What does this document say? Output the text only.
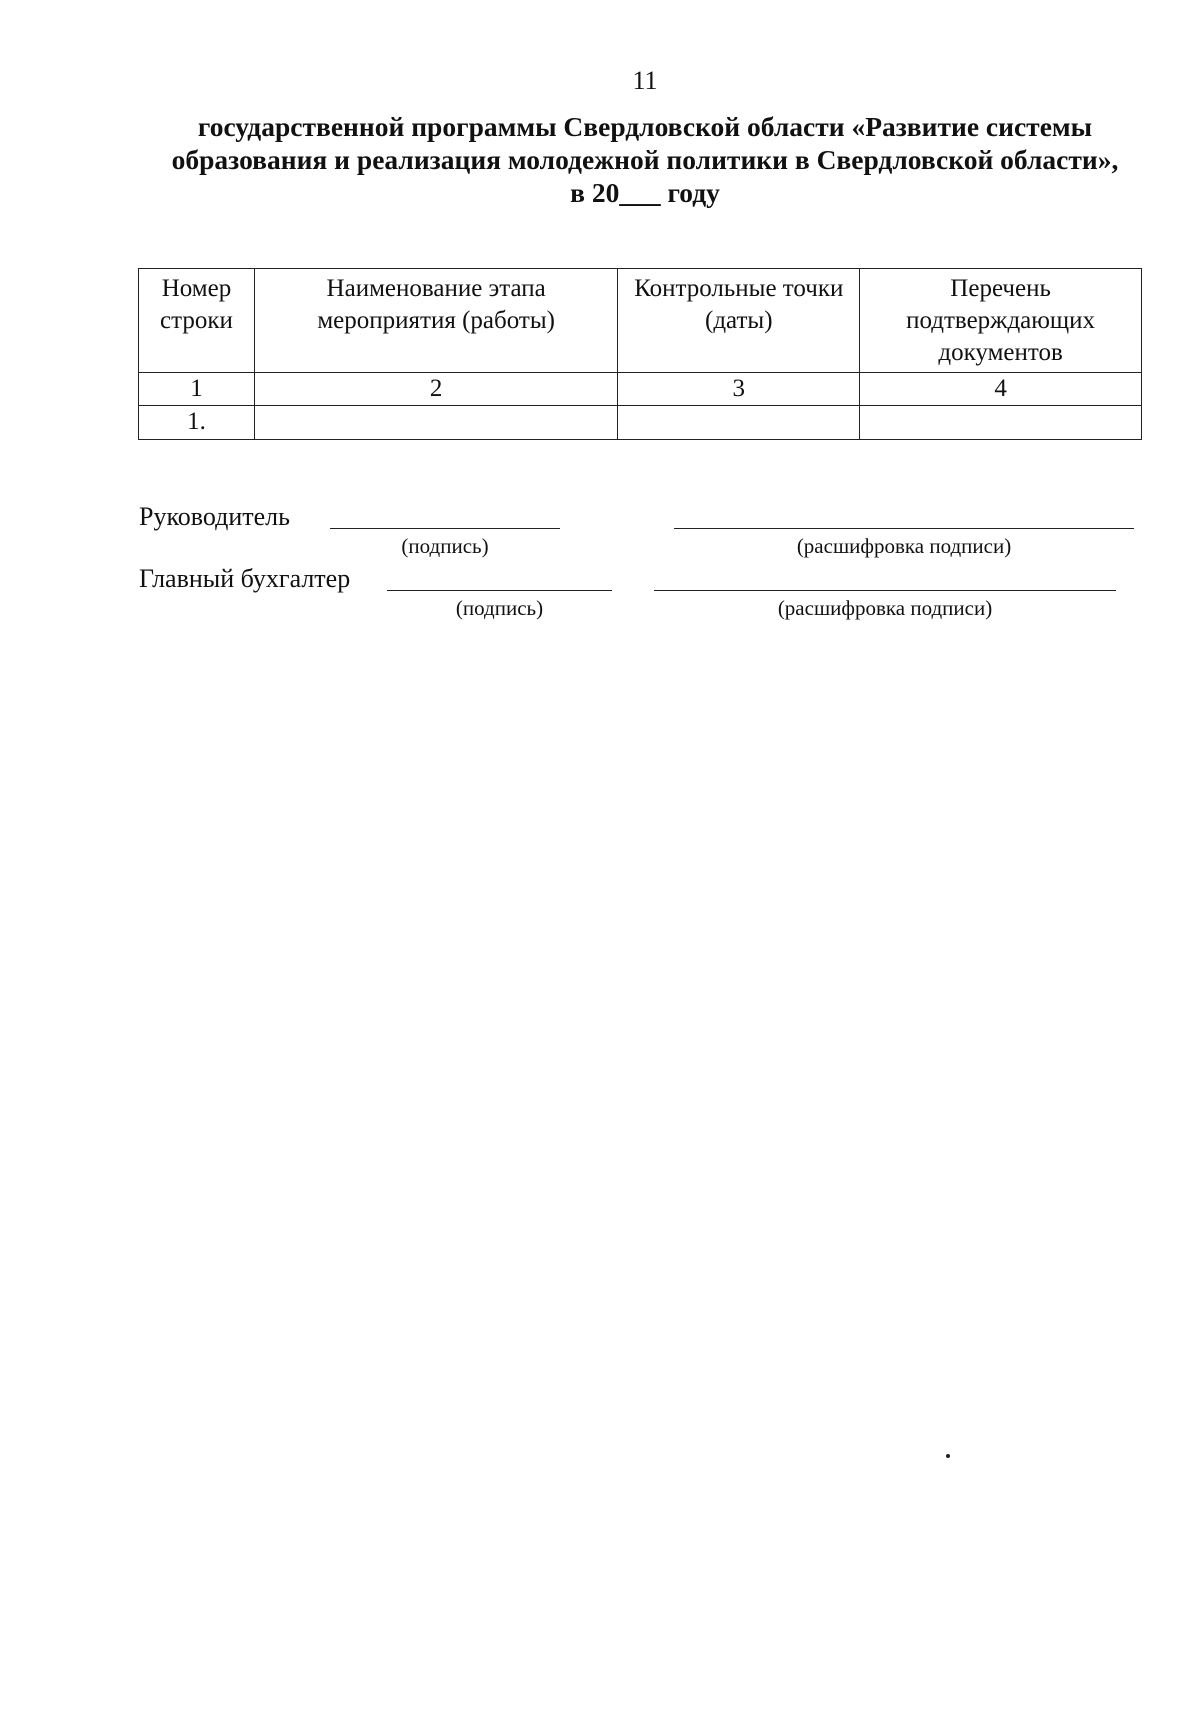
11
государственной программы Свердловской области «Развитие системы
образования и реализация молодежной политики в Свердловской области»,
в 20___ году
Номер строки	Наименование этапа мероприятия (работы)	Контрольные точки (даты)	Перечень подтверждающих документов
1	2	3	4
1.			
Руководитель
(подпись)	(расшифровка подписи)
Главный бухгалтер
(подпись)	(расшифровка подписи)
